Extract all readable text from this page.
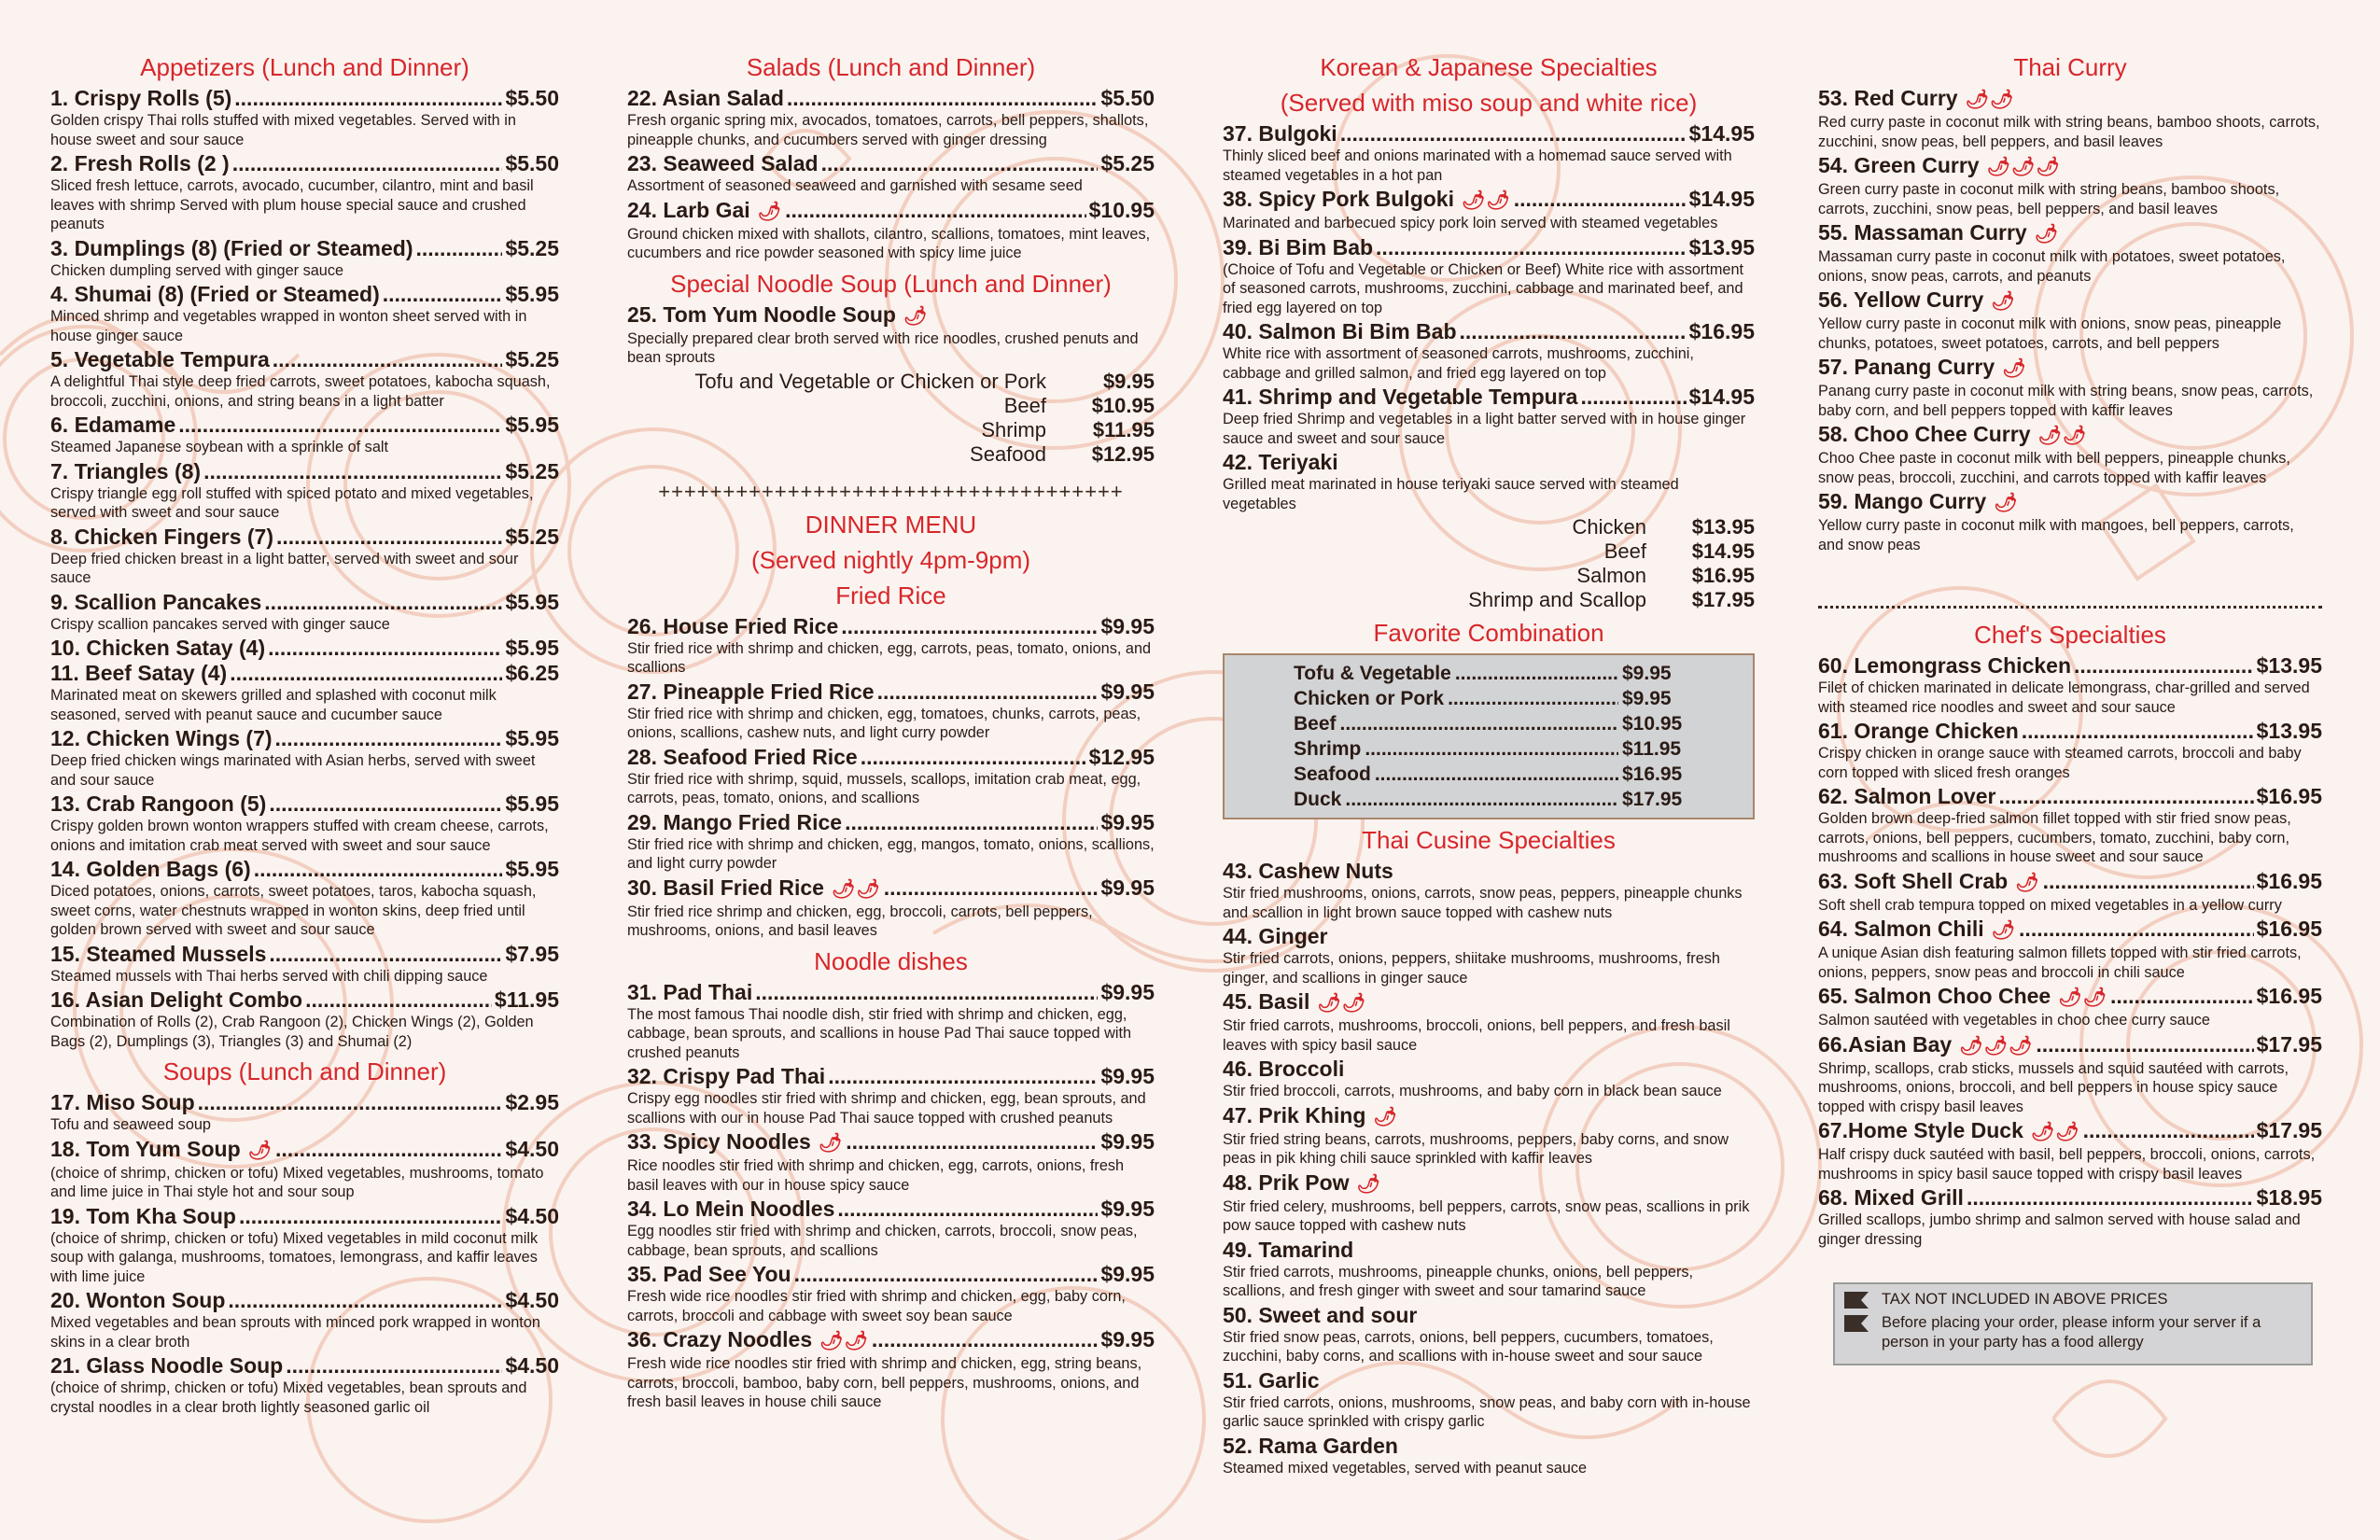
Appetizers (Lunch and Dinner)
1. Crispy Rolls (5) .....	$5.50
Golden crispy Thai rolls stuffed with mixed vegetables. Served with in house sweet and sour sauce
2. Fresh Rolls (2 ) .....	$5.50
Sliced fresh lettuce, carrots, avocado, cucumber, cilantro, mint and basil leaves with shrimp Served with plum house special sauce and crushed peanuts
3. Dumplings (8) (Fried or Steamed) .....	$5.25
Chicken dumpling served with ginger sauce
4. Shumai (8) (Fried or Steamed) .....	$5.95
Minced shrimp and vegetables wrapped in wonton sheet served with in house ginger sauce
5. Vegetable Tempura .....	$5.25
A delightful Thai style deep fried carrots, sweet potatoes, kabocha squash, broccoli, zucchini, onions, and string beans in a light batter
6. Edamame .....	$5.95
Steamed Japanese soybean with a sprinkle of salt
7. Triangles (8) .....	$5.25
Crispy triangle egg roll stuffed with spiced potato and mixed vegetables, served with sweet and sour sauce
8. Chicken Fingers (7) .....	$5.25
Deep fried chicken breast in a light batter, served with sweet and sour sauce
9. Scallion Pancakes .....	$5.95
Crispy scallion pancakes served with ginger sauce
10. Chicken Satay (4) .....	$5.95
11. Beef Satay (4) .....	$6.25
Marinated meat on skewers grilled and splashed with coconut milk seasoned, served with peanut sauce and cucumber sauce
12. Chicken Wings (7) .....	$5.95
Deep fried chicken wings marinated with Asian herbs, served with sweet and sour sauce
13. Crab Rangoon (5) .....	$5.95
Crispy golden brown wonton wrappers stuffed with cream cheese, carrots, onions and imitation crab meat served with sweet and sour sauce
14. Golden Bags (6) .....	$5.95
Diced potatoes, onions, carrots, sweet potatoes, taros, kabocha squash, sweet corns, water chestnuts wrapped in wonton skins, deep fried until golden brown served with sweet and sour sauce
15. Steamed Mussels .....	$7.95
Steamed mussels with Thai herbs served with chili dipping sauce
16. Asian Delight Combo .....	$11.95
Combination of Rolls (2), Crab Rangoon (2), Chicken Wings (2), Golden Bags (2), Dumplings (3), Triangles (3) and Shumai (2)
Soups (Lunch and Dinner)
17. Miso Soup .....	$2.95
Tofu and seaweed soup
18. Tom Yum Soup 🌶 .....	$4.50
(choice of shrimp, chicken or tofu) Mixed vegetables, mushrooms, tomato and lime juice in Thai style hot and sour soup
19. Tom Kha Soup .....	$4.50
(choice of shrimp, chicken or tofu) Mixed vegetables in mild coconut milk soup with galanga, mushrooms, tomatoes, lemongrass, and kaffir leaves with lime juice
20. Wonton Soup .....	$4.50
Mixed vegetables and bean sprouts with minced pork wrapped in wonton skins in a clear broth
21. Glass Noodle Soup .....	$4.50
(choice of shrimp, chicken or tofu) Mixed vegetables, bean sprouts and crystal noodles in a clear broth lightly seasoned garlic oil
Salads (Lunch and Dinner)
22. Asian Salad .....	$5.50
Fresh organic spring mix, avocados, tomatoes, carrots, bell peppers, shallots, pineapple chunks, and cucumbers served with ginger dressing
23. Seaweed Salad .....	$5.25
Assortment of seasoned seaweed and garnished with sesame seed
24. Larb Gai 🌶 .....	$10.95
Ground chicken mixed with shallots, cilantro, scallions, tomatoes, mint leaves, cucumbers and rice powder seasoned with spicy lime juice
Special Noodle Soup (Lunch and Dinner)
25. Tom Yum Noodle Soup 🌶
Specially prepared clear broth served with rice noodles, crushed penuts and bean sprouts
Tofu and Vegetable or Chicken or Pork	$9.95
Beef	$10.95
Shrimp	$11.95
Seafood	$12.95
++++++++++++++++++++++++++++++++++++
DINNER MENU
(Served nightly 4pm-9pm)
Fried Rice
26. House Fried Rice .....	$9.95
Stir fried rice with shrimp and chicken, egg, carrots, peas, tomato, onions, and scallions
27. Pineapple Fried Rice .....	$9.95
Stir fried rice with shrimp and chicken, egg, tomatoes, chunks, carrots, peas, onions, scallions, cashew nuts, and light curry powder
28. Seafood Fried Rice .....	$12.95
Stir fried rice with shrimp, squid, mussels, scallops, imitation crab meat, egg, carrots, peas, tomato, onions, and scallions
29. Mango Fried Rice .....	$9.95
Stir fried rice with shrimp and chicken, egg, mangos, tomato, onions, scallions, and light curry powder
30. Basil Fried Rice 🌶🌶 .....	$9.95
Stir fried rice shrimp and chicken, egg, broccoli, carrots, bell peppers, mushrooms, onions, and basil leaves
Noodle dishes
31. Pad Thai .....	$9.95
The most famous Thai noodle dish, stir fried with shrimp and chicken, egg, cabbage, bean sprouts, and scallions in house Pad Thai sauce topped with crushed peanuts
32. Crispy Pad Thai .....	$9.95
Crispy egg noodles stir fried with shrimp and chicken, egg, bean sprouts, and scallions with our in house Pad Thai sauce topped with crushed peanuts
33. Spicy Noodles 🌶 .....	$9.95
Rice noodles stir fried with shrimp and chicken, egg, carrots, onions, fresh basil leaves with our in house spicy sauce
34. Lo Mein Noodles .....	$9.95
Egg noodles stir fried with shrimp and chicken, carrots, broccoli, snow peas, cabbage, bean sprouts, and scallions
35. Pad See You .....	$9.95
Fresh wide rice noodles stir fried with shrimp and chicken, egg, baby corn, carrots, broccoli and cabbage with sweet soy bean sauce
36. Crazy Noodles 🌶🌶 .....	$9.95
Fresh wide rice noodles stir fried with shrimp and chicken, egg, string beans, carrots, broccoli, bamboo, baby corn, bell peppers, mushrooms, onions, and fresh basil leaves in house chili sauce
Korean & Japanese Specialties
(Served with miso soup and white rice)
37. Bulgoki .....	$14.95
Thinly sliced beef and onions marinated with a homemad sauce served with steamed vegetables in a hot pan
38. Spicy Pork Bulgoki 🌶🌶 .....	$14.95
Marinated and barbecued spicy pork loin served with steamed vegetables
39. Bi Bim Bab .....	$13.95
(Choice of Tofu and Vegetable or Chicken or Beef) White rice with assortment of seasoned carrots, mushrooms, zucchini, cabbage and marinated beef, and fried egg layered on top
40. Salmon Bi Bim Bab .....	$16.95
White rice with assortment of seasoned carrots, mushrooms, zucchini, cabbage and grilled salmon, and fried egg layered on top
41. Shrimp and Vegetable Tempura .....	$14.95
Deep fried Shrimp and vegetables in a light batter served with in house ginger sauce and sweet and sour sauce
42. Teriyaki
Grilled meat marinated in house teriyaki sauce served with steamed vegetables
Chicken	$13.95
Beef	$14.95
Salmon	$16.95
Shrimp and Scallop	$17.95
Favorite Combination
Tofu & Vegetable .....	$9.95
Chicken or Pork .....	$9.95
Beef .....	$10.95
Shrimp .....	$11.95
Seafood .....	$16.95
Duck .....	$17.95
Thai Cusine Specialties
43. Cashew Nuts
Stir fried mushrooms, onions, carrots, snow peas, peppers, pineapple chunks and scallion in light brown sauce topped with cashew nuts
44. Ginger
Stir fried carrots, onions, peppers, shiitake mushrooms, mushrooms, fresh ginger, and scallions in ginger sauce
45. Basil 🌶🌶
Stir fried carrots, mushrooms, broccoli, onions, bell peppers, and fresh basil leaves with spicy basil sauce
46. Broccoli
Stir fried broccoli, carrots, mushrooms, and baby corn in black bean sauce
47. Prik Khing 🌶
Stir fried string beans, carrots, mushrooms, peppers, baby corns, and snow peas in pik khing chili sauce sprinkled with kaffir leaves
48. Prik Pow 🌶
Stir fried celery, mushrooms, bell peppers, carrots, snow peas, scallions in prik pow sauce topped with cashew nuts
49. Tamarind
Stir fried carrots, mushrooms, pineapple chunks, onions, bell peppers, scallions, and fresh ginger with sweet and sour tamarind sauce
50. Sweet and sour
Stir fried snow peas, carrots, onions, bell peppers, cucumbers, tomatoes, zucchini, baby corns, and scallions with in-house sweet and sour sauce
51. Garlic
Stir fried carrots, onions, mushrooms, snow peas, and baby corn with in-house garlic sauce sprinkled with crispy garlic
52. Rama Garden
Steamed mixed vegetables, served with peanut sauce
Thai Curry
53. Red Curry 🌶🌶
Red curry paste in coconut milk with string beans, bamboo shoots, carrots, zucchini, snow peas, bell peppers, and basil leaves
54. Green Curry 🌶🌶🌶
Green curry paste in coconut milk with string beans, bamboo shoots, carrots, zucchini, snow peas, bell peppers, and basil leaves
55. Massaman Curry 🌶
Massaman curry paste in coconut milk with potatoes, sweet potatoes, onions, snow peas, carrots, and peanuts
56. Yellow Curry 🌶
Yellow curry paste in coconut milk with onions, snow peas, pineapple chunks, potatoes, sweet potatoes, carrots, and bell peppers
57. Panang Curry 🌶
Panang curry paste in coconut milk with string beans, snow peas, carrots, baby corn, and bell peppers topped with kaffir leaves
58. Choo Chee Curry 🌶🌶
Choo Chee paste in coconut milk with bell peppers, pineapple chunks, snow peas, broccoli, zucchini, and carrots topped with kaffir leaves
59. Mango Curry 🌶
Yellow curry paste in coconut milk with mangoes, bell peppers, carrots, and snow peas
Chef's Specialties
60. Lemongrass Chicken .....	$13.95
Filet of chicken marinated in delicate lemongrass, char-grilled and served with steamed rice noodles and sweet and sour sauce
61. Orange Chicken .....	$13.95
Crispy chicken in orange sauce with steamed carrots, broccoli and baby corn topped with sliced fresh oranges
62. Salmon Lover .....	$16.95
Golden brown deep-fried salmon fillet topped with stir fried snow peas, carrots, onions, bell peppers, cucumbers, tomato, zucchini, baby corn, mushrooms and scallions in house sweet and sour sauce
63. Soft Shell Crab 🌶 .....	$16.95
Soft shell crab tempura topped on mixed vegetables in a yellow curry
64. Salmon Chili 🌶 .....	$16.95
A unique Asian dish featuring salmon fillets topped with stir fried carrots, onions, peppers, snow peas and broccoli in chili sauce
65. Salmon Choo Chee 🌶🌶 .....	$16.95
Salmon sautéed with vegetables in choo chee curry sauce
66.Asian Bay 🌶🌶🌶 .....	$17.95
Shrimp, scallops, crab sticks, mussels and squid sautéed with carrots, mushrooms, onions, broccoli, and bell peppers in house spicy sauce topped with crispy basil leaves
67.Home Style Duck 🌶🌶 .....	$17.95
Half crispy duck sautéed with basil, bell peppers, broccoli, onions, carrots, mushrooms in spicy basil sauce topped with crispy basil leaves
68. Mixed Grill .....	$18.95
Grilled scallops, jumbo shrimp and salmon served with house salad and ginger dressing
TAX NOT INCLUDED IN ABOVE PRICES
Before placing your order, please inform your server if a person in your party has a food allergy
